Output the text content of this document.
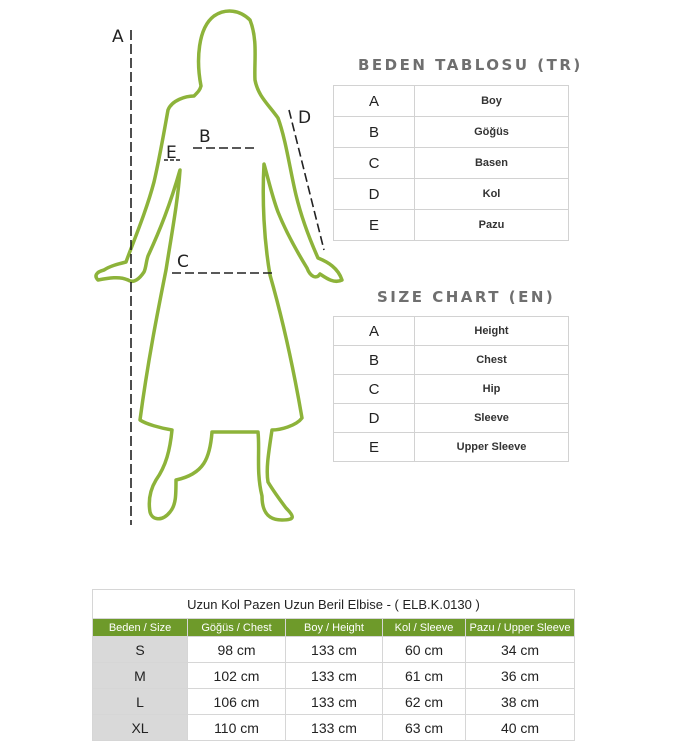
A
B
C
D
E
BEDEN TABLOSU (TR)
A	Boy
B	Göğüs
C	Basen
D	Kol
E	Pazu
SIZE CHART (EN)
A	Height
B	Chest
C	Hip
D	Sleeve
E	Upper Sleeve
Uzun Kol Pazen Uzun Beril Elbise - ( ELB.K.0130 )				
Beden / Size	Göğüs / Chest	Boy / Height	Kol / Sleeve	Pazu / Upper Sleeve
S	98 cm	133 cm	60 cm	34 cm
M	102 cm	133 cm	61 cm	36 cm
L	106 cm	133 cm	62 cm	38 cm
XL	110 cm	133 cm	63 cm	40 cm
